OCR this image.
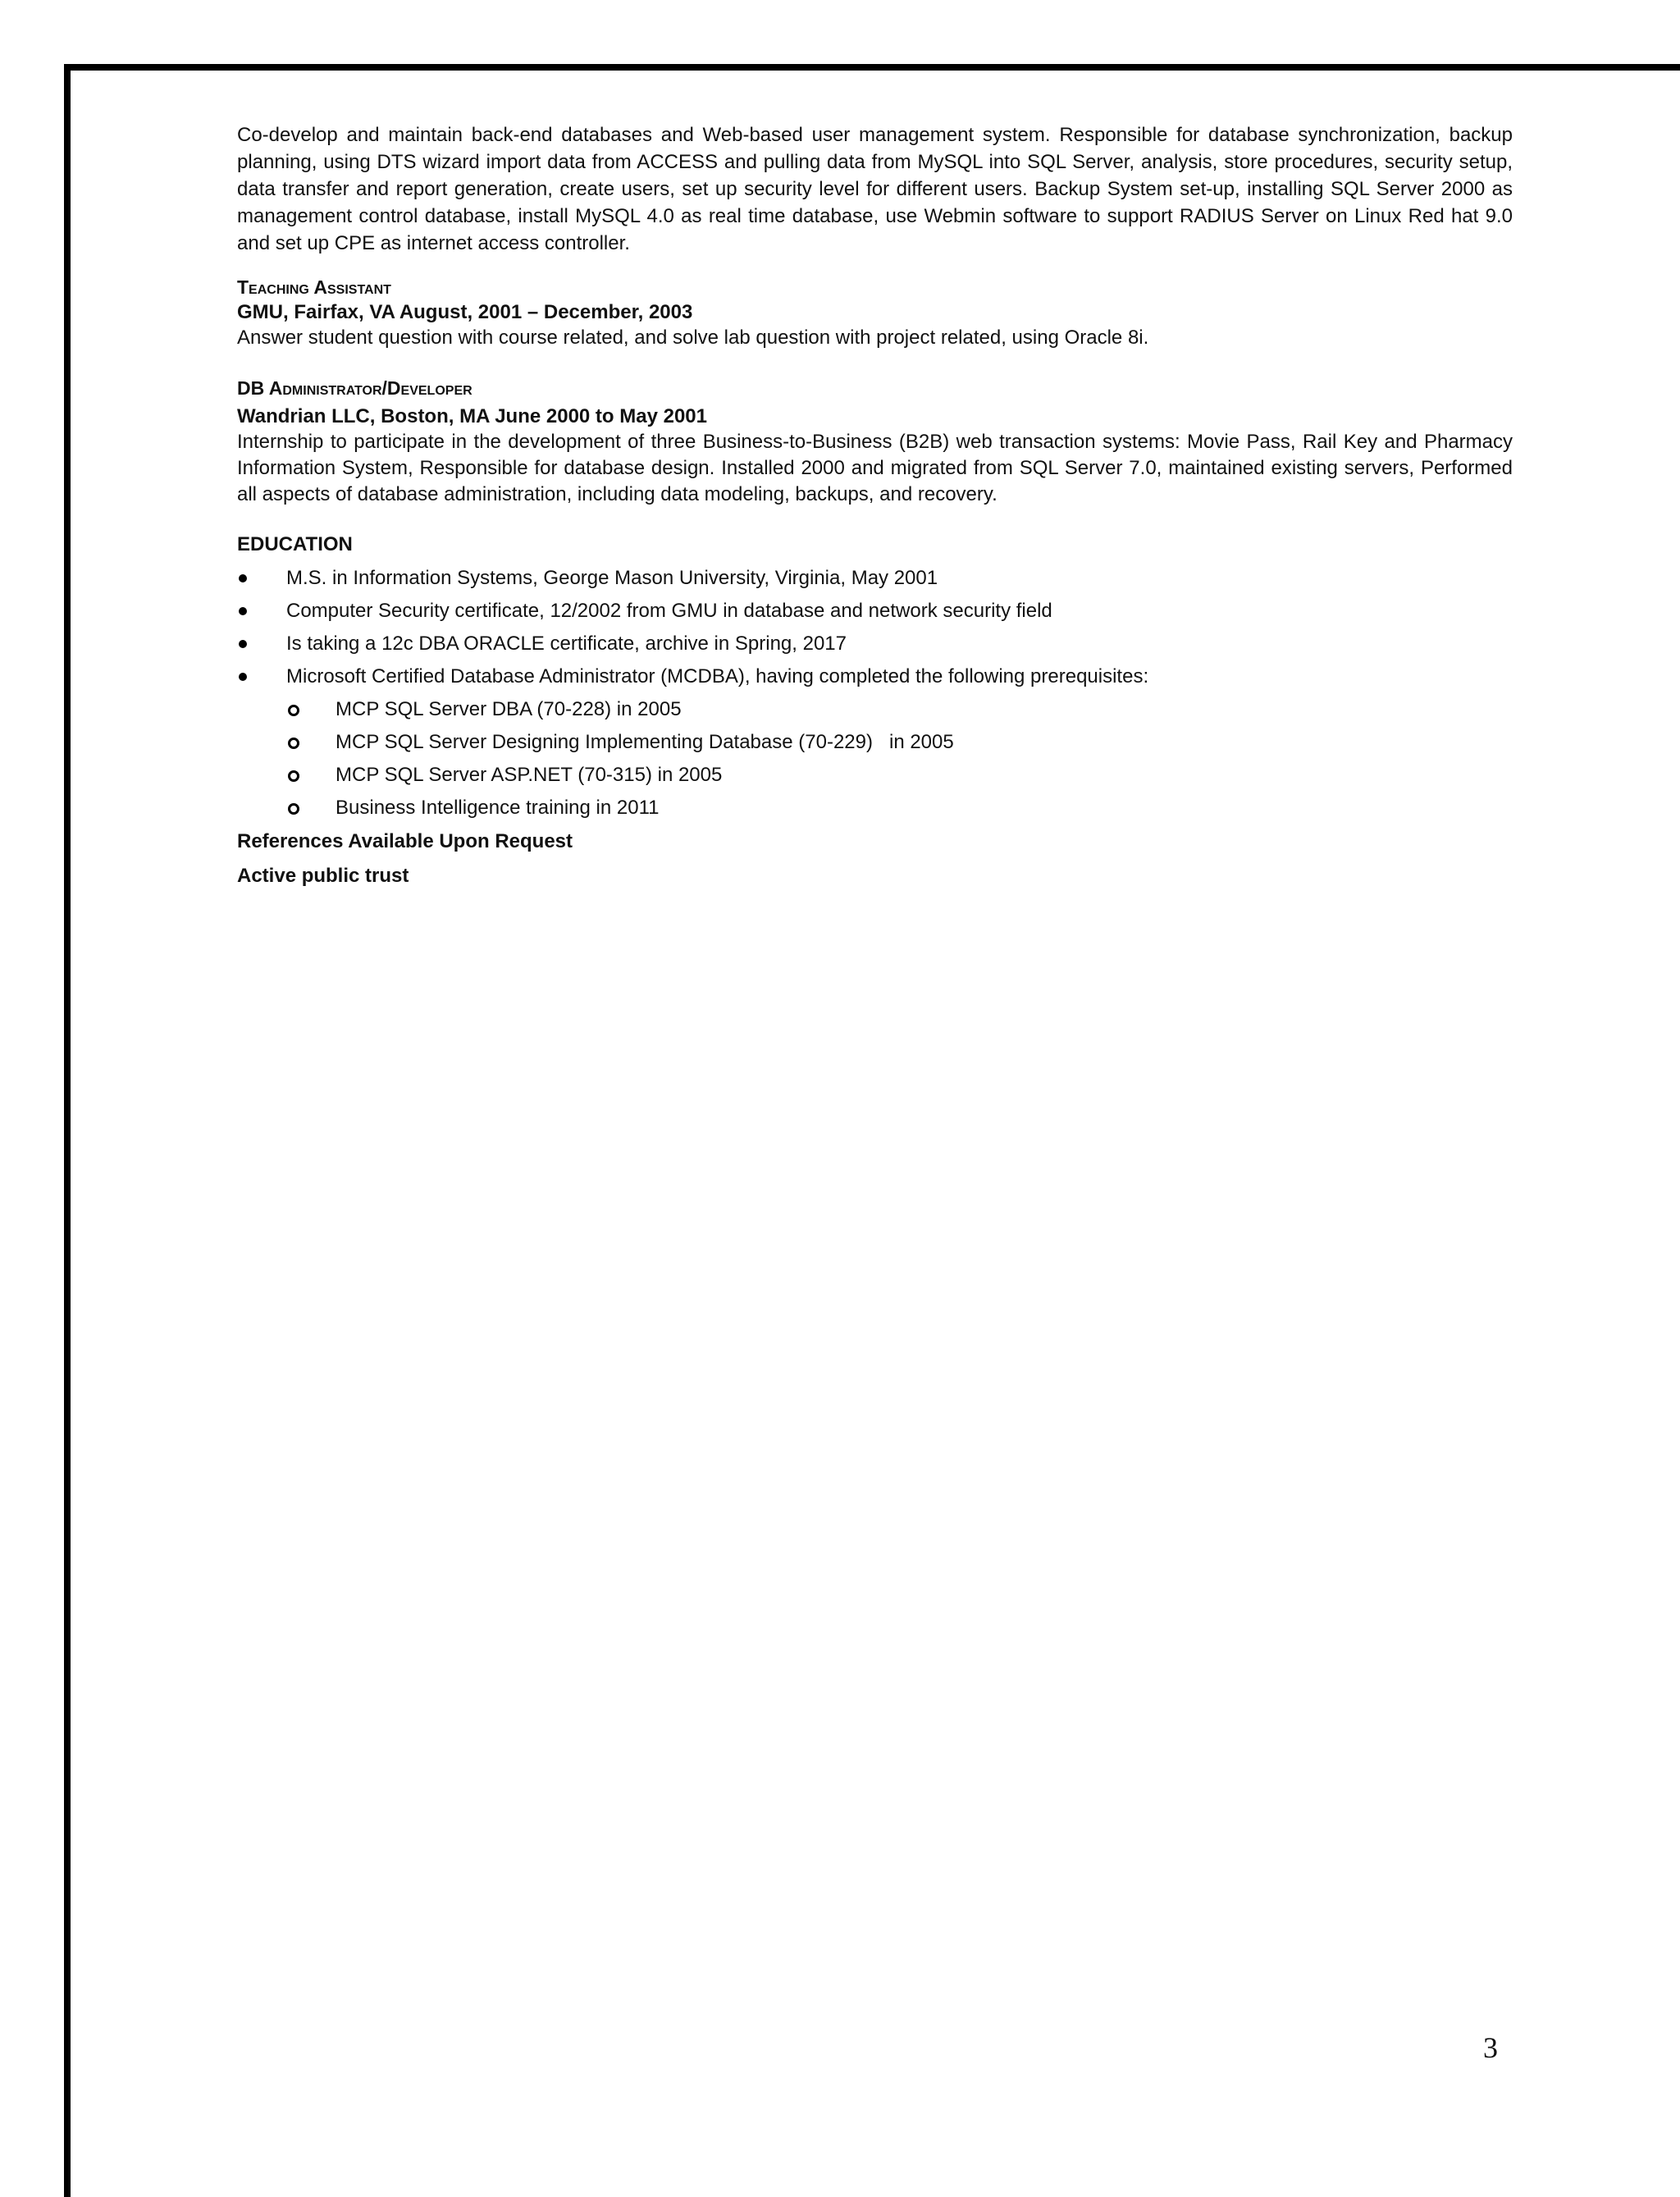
Co-develop and maintain back-end databases and Web-based user management system. Responsible for database synchronization, backup planning, using DTS wizard import data from ACCESS and pulling data from MySQL into SQL Server, analysis, store procedures, security setup, data transfer and report generation, create users, set up security level for different users. Backup System set-up, installing SQL Server 2000 as management control database, install MySQL 4.0 as real time database, use Webmin software to support RADIUS Server on Linux Red hat 9.0 and set up CPE as internet access controller.

Teaching Assistant

GMU, Fairfax, VA August, 2001 – December, 2003

Answer student question with course related, and solve lab question with project related, using Oracle 8i.

DB Administrator/Developer

Wandrian LLC, Boston, MA June 2000 to May 2001

Internship to participate in the development of three Business-to-Business (B2B) web transaction systems: Movie Pass, Rail Key and Pharmacy Information System, Responsible for database design. Installed 2000 and migrated from SQL Server 7.0, maintained existing servers, Performed all aspects of database administration, including data modeling, backups, and recovery.

EDUCATION

M.S. in Information Systems, George Mason University, Virginia, May 2001
Computer Security certificate, 12/2002 from GMU in database and network security field
Is taking a 12c DBA ORACLE certificate, archive in Spring, 2017
Microsoft Certified Database Administrator (MCDBA), having completed the following prerequisites:
MCP SQL Server DBA (70-228) in 2005
MCP SQL Server Designing Implementing Database (70-229)   in 2005
MCP SQL Server ASP.NET (70-315) in 2005
Business Intelligence training in 2011

References Available Upon Request

Active public trust

3
